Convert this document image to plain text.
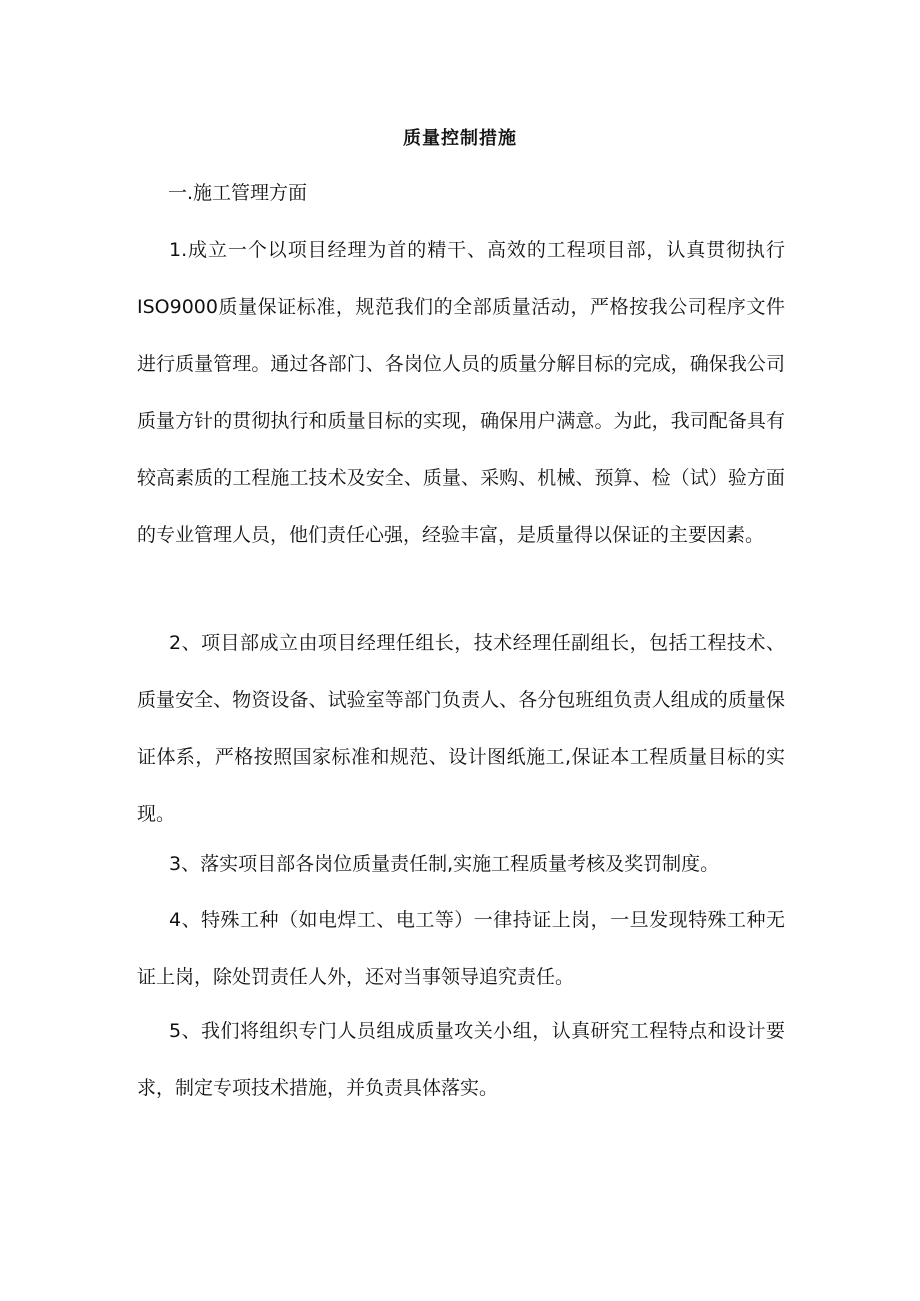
质量控制措施
一.施工管理方面

1.成立一个以项目经理为首的精干、高效的工程项目部，认真贯彻执行ISO9000质量保证标准，规范我们的全部质量活动，严格按我公司程序文件进行质量管理。通过各部门、各岗位人员的质量分解目标的完成，确保我公司质量方针的贯彻执行和质量目标的实现，确保用户满意。为此，我司配备具有较高素质的工程施工技术及安全、质量、采购、机械、预算、检（试）验方面的专业管理人员，他们责任心强，经验丰富，是质量得以保证的主要因素。

2、项目部成立由项目经理任组长，技术经理任副组长，包括工程技术、质量安全、物资设备、试验室等部门负责人、各分包班组负责人组成的质量保证体系，严格按照国家标准和规范、设计图纸施工,保证本工程质量目标的实现。

3、落实项目部各岗位质量责任制,实施工程质量考核及奖罚制度。

4、特殊工种（如电焊工、电工等）一律持证上岗，一旦发现特殊工种无证上岗，除处罚责任人外，还对当事领导追究责任。

5、我们将组织专门人员组成质量攻关小组，认真研究工程特点和设计要求，制定专项技术措施，并负责具体落实。
